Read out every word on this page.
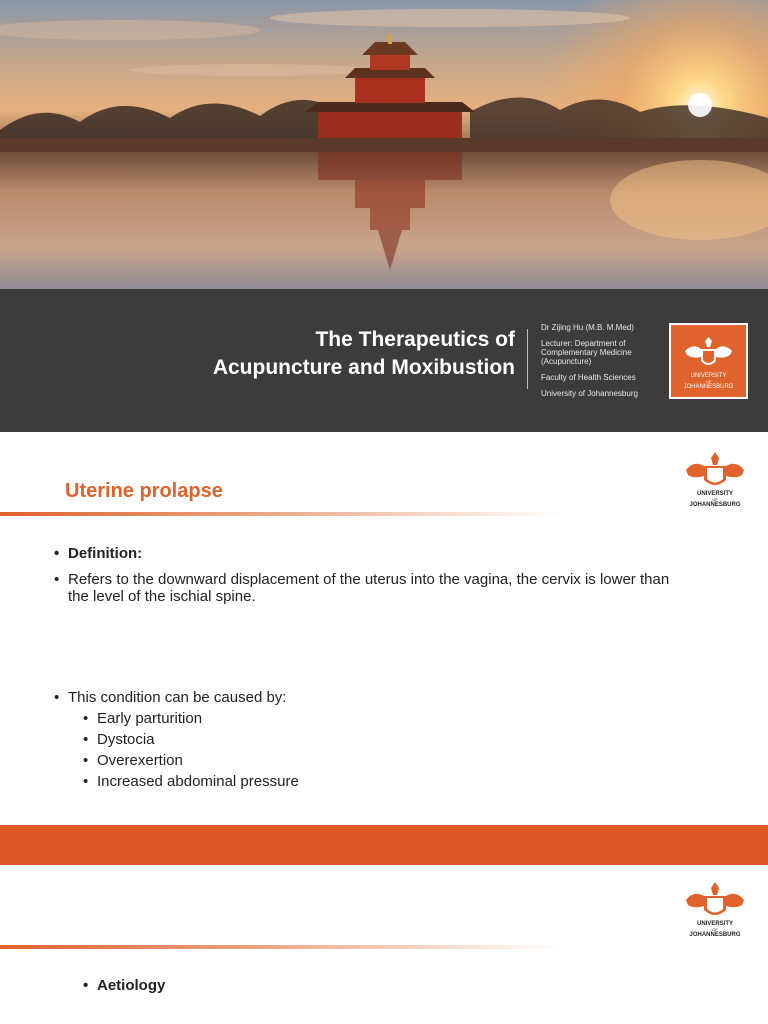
The Therapeutics of
Acupuncture and Moxibustion
Dr Zijing Hu (M.B. M.Med)
Lecturer: Department of Complementary Medicine (Acupuncture)
Faculty of Health Sciences
University of Johannesburg
UNIVERSITY
OF
JOHANNESBURG
Uterine prolapse	UNIVERSITY
OF
JOHANNESBURG
• Definition:
• Refers to the downward displacement of the uterus into the vagina, the cervix is lower than the level of the ischial spine.
• This condition can be caused by:
• Early parturition
• Dystocia
• Overexertion
• Increased abdominal pressure
UNIVERSITY
OF
JOHANNESBURG
• Aetiology
